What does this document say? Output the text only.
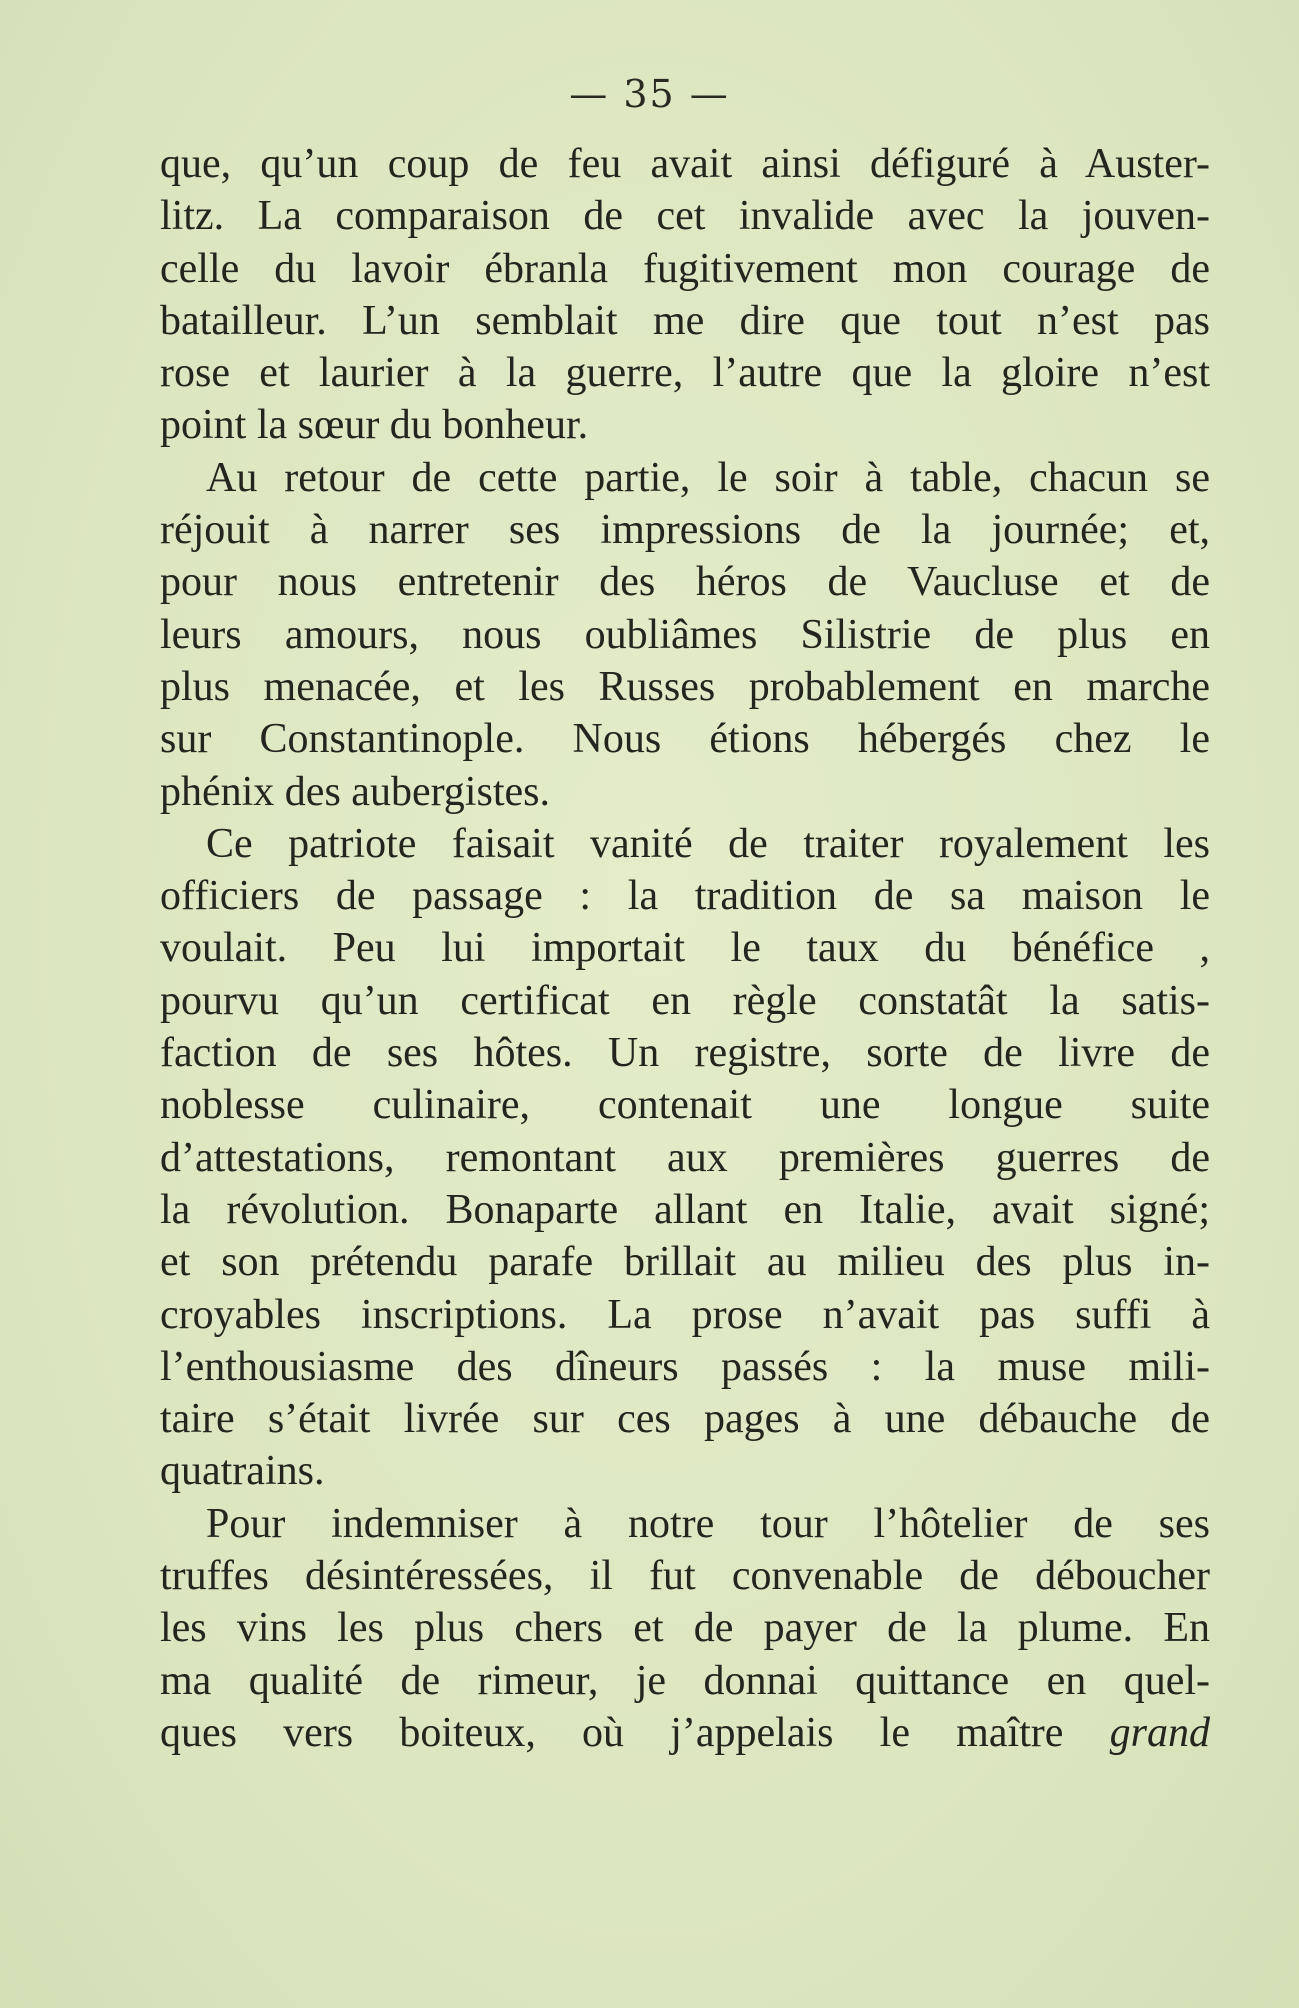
— 35 —
que, qu’un coup de feu avait ainsi défiguré à Auster-
litz. La comparaison de cet invalide avec la jouven-
celle du lavoir ébranla fugitivement mon courage de
batailleur. L’un semblait me dire que tout n’est pas
rose et laurier à la guerre, l’autre que la gloire n’est
point la sœur du bonheur.
Au retour de cette partie, le soir à table, chacun se
réjouit à narrer ses impressions de la journée; et,
pour nous entretenir des héros de Vaucluse et de
leurs amours, nous oubliâmes Silistrie de plus en
plus menacée, et les Russes probablement en marche
sur Constantinople. Nous étions hébergés chez le
phénix des aubergistes.
Ce patriote faisait vanité de traiter royalement les
officiers de passage : la tradition de sa maison le
voulait. Peu lui importait le taux du bénéfice ,
pourvu qu’un certificat en règle constatât la satis-
faction de ses hôtes. Un registre, sorte de livre de
noblesse culinaire, contenait une longue suite
d’attestations, remontant aux premières guerres de
la révolution. Bonaparte allant en Italie, avait signé;
et son prétendu parafe brillait au milieu des plus in-
croyables inscriptions. La prose n’avait pas suffi à
l’enthousiasme des dîneurs passés : la muse mili-
taire s’était livrée sur ces pages à une débauche de
quatrains.
Pour indemniser à notre tour l’hôtelier de ses
truffes désintéressées, il fut convenable de déboucher
les vins les plus chers et de payer de la plume. En
ma qualité de rimeur, je donnai quittance en quel-
ques vers boiteux, où j’appelais le maître grand
